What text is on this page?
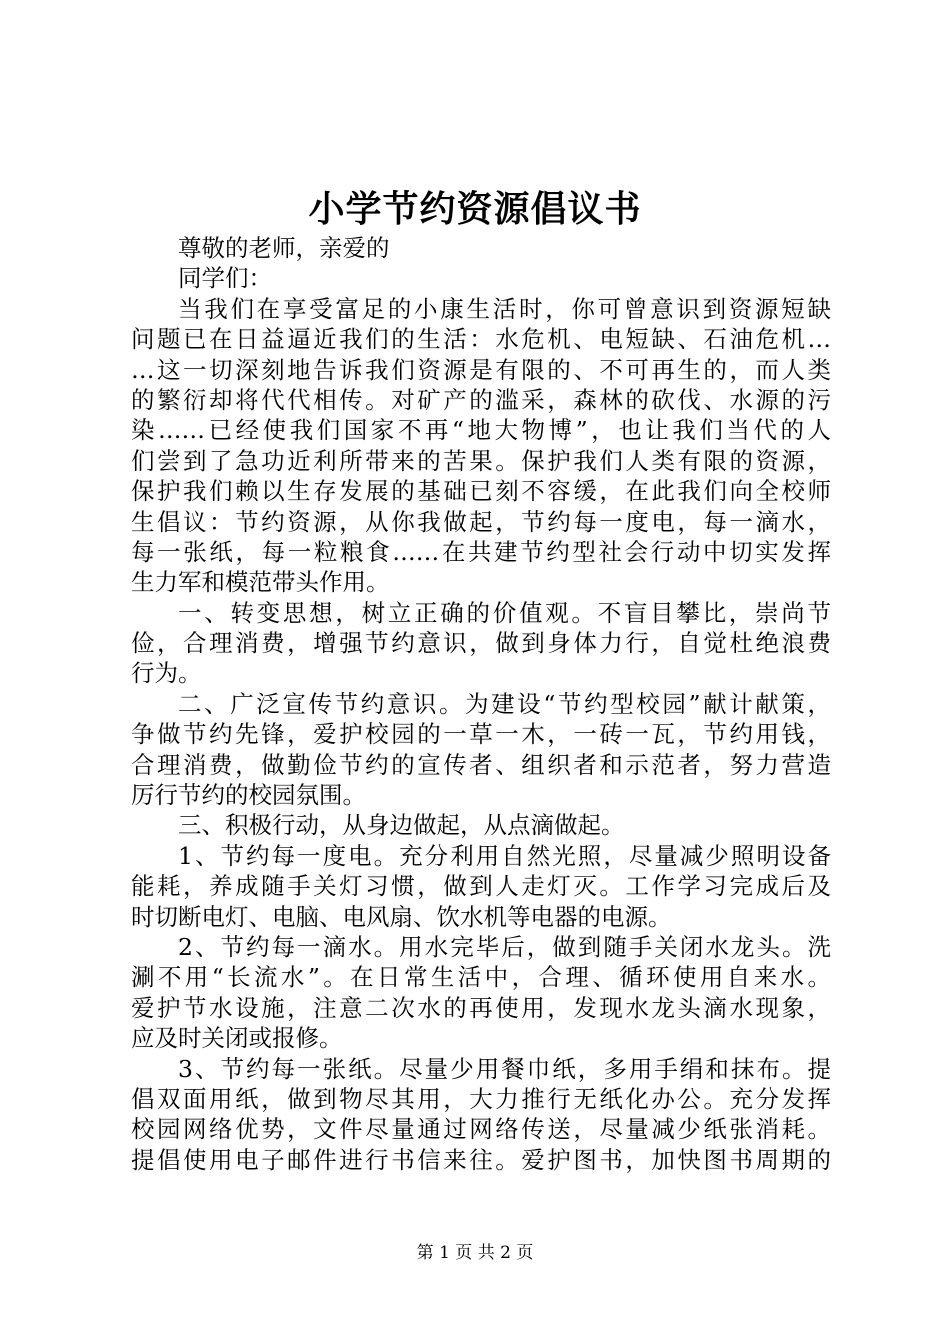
小学节约资源倡议书
尊敬的老师，亲爱的
同学们：
当我们在享受富足的小康生活时，你可曾意识到资源短缺
问题已在日益逼近我们的生活：水危机、电短缺、石油危机…
…这一切深刻地告诉我们资源是有限的、不可再生的，而人类
的繁衍却将代代相传。对矿产的滥采，森林的砍伐、水源的污
染……已经使我们国家不再“地大物博”，也让我们当代的人
们尝到了急功近利所带来的苦果。保护我们人类有限的资源，
保护我们赖以生存发展的基础已刻不容缓，在此我们向全校师
生倡议：节约资源，从你我做起，节约每一度电，每一滴水，
每一张纸，每一粒粮食……在共建节约型社会行动中切实发挥
生力军和模范带头作用。
一、转变思想，树立正确的价值观。不盲目攀比，崇尚节
俭，合理消费，增强节约意识，做到身体力行，自觉杜绝浪费
行为。
二、广泛宣传节约意识。为建设“节约型校园”献计献策，
争做节约先锋，爱护校园的一草一木，一砖一瓦，节约用钱，
合理消费，做勤俭节约的宣传者、组织者和示范者，努力营造
厉行节约的校园氛围。
三、积极行动，从身边做起，从点滴做起。
1、节约每一度电。充分利用自然光照，尽量减少照明设备
能耗，养成随手关灯习惯，做到人走灯灭。工作学习完成后及
时切断电灯、电脑、电风扇、饮水机等电器的电源。
2、节约每一滴水。用水完毕后，做到随手关闭水龙头。洗
涮不用“长流水”。在日常生活中，合理、循环使用自来水。
爱护节水设施，注意二次水的再使用，发现水龙头滴水现象，
应及时关闭或报修。
3、节约每一张纸。尽量少用餐巾纸，多用手绢和抹布。提
倡双面用纸，做到物尽其用，大力推行无纸化办公。充分发挥
校园网络优势，文件尽量通过网络传送，尽量减少纸张消耗。
提倡使用电子邮件进行书信来往。爱护图书，加快图书周期的
第 1 页 共 2 页
